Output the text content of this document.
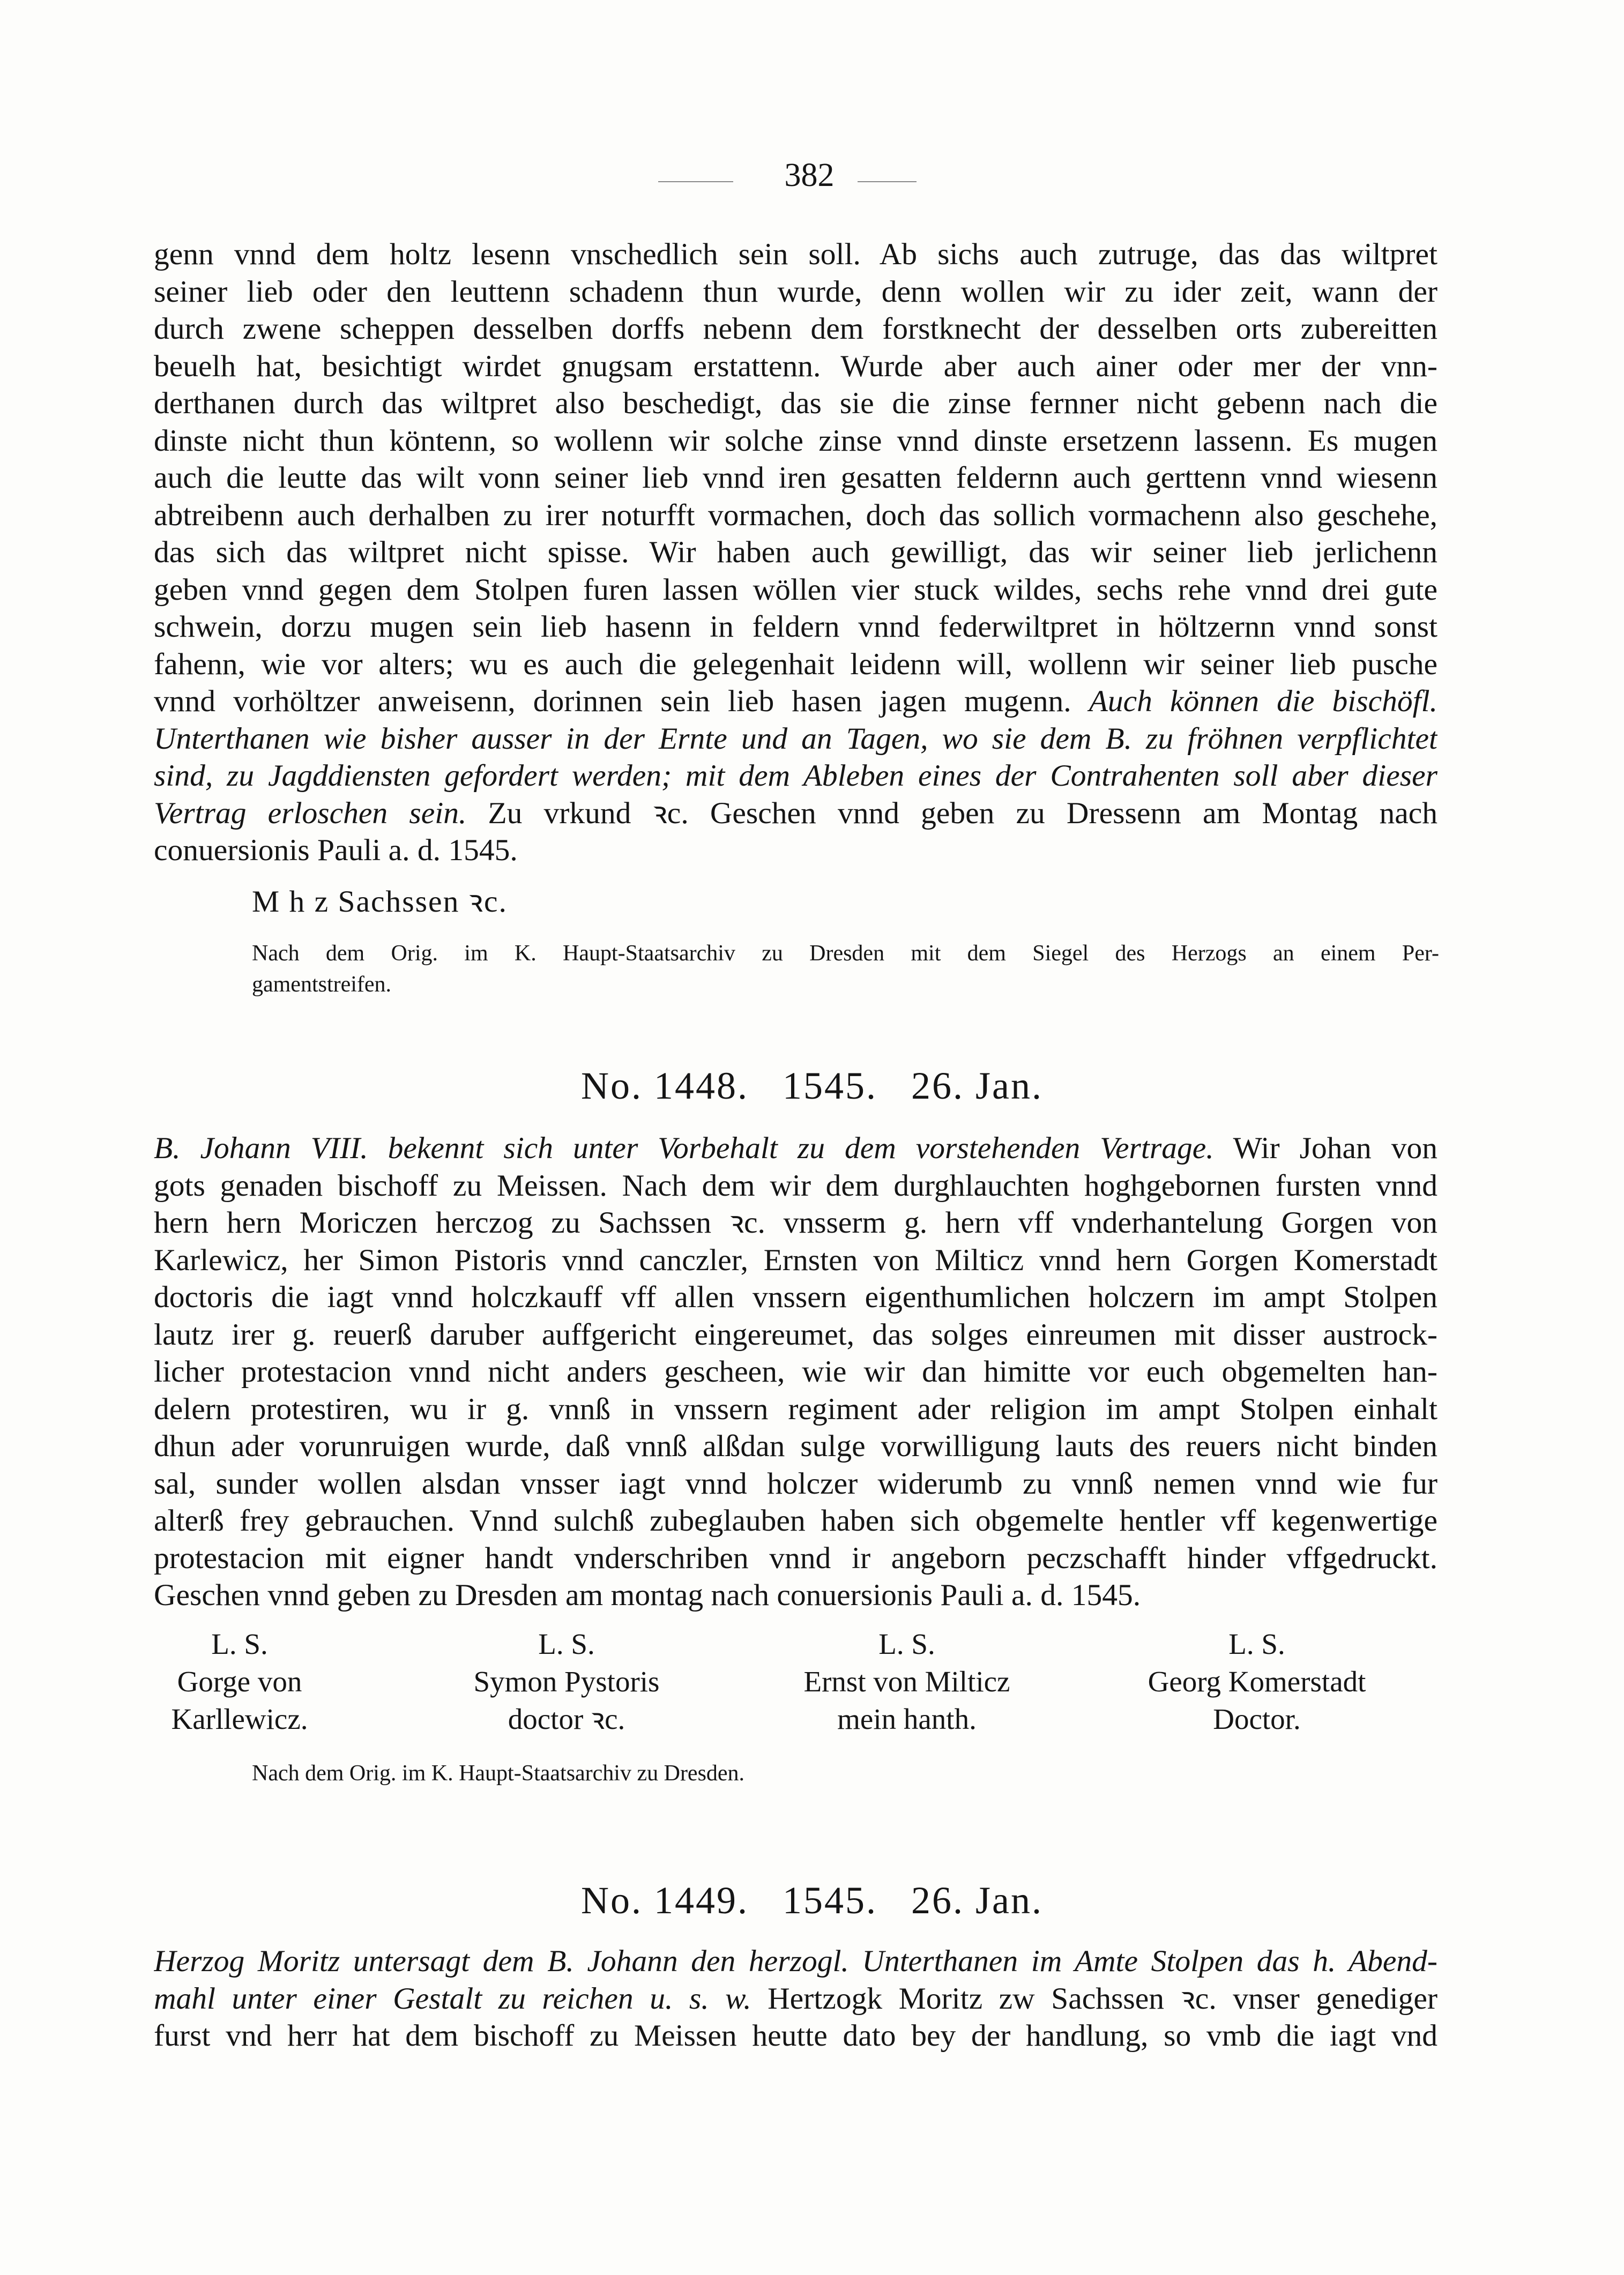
382
genn vnnd dem holtz lesenn vnschedlich sein soll. Ab sichs auch zutruge, das das wiltpret
seiner lieb oder den leuttenn schadenn thun wurde, denn wollen wir zu ider zeit, wann der
durch zwene scheppen desselben dorffs nebenn dem forstknecht der desselben orts zubereitten
beuelh hat, besichtigt wirdet gnugsam erstattenn. Wurde aber auch ainer oder mer der vnn-
derthanen durch das wiltpret also beschedigt, das sie die zinse fernner nicht gebenn nach die
dinste nicht thun köntenn, so wollenn wir solche zinse vnnd dinste ersetzenn lassenn. Es mugen
auch die leutte das wilt vonn seiner lieb vnnd iren gesatten feldernn auch gerttenn vnnd wiesenn
abtreibenn auch derhalben zu irer noturfft vormachen, doch das sollich vormachenn also geschehe,
das sich das wiltpret nicht spisse. Wir haben auch gewilligt, das wir seiner lieb jerlichenn
geben vnnd gegen dem Stolpen furen lassen wöllen vier stuck wildes, sechs rehe vnnd drei gute
schwein, dorzu mugen sein lieb hasenn in feldern vnnd federwiltpret in höltzernn vnnd sonst
fahenn, wie vor alters; wu es auch die gelegenhait leidenn will, wollenn wir seiner lieb pusche
vnnd vorhöltzer anweisenn, dorinnen sein lieb hasen jagen mugenn. Auch können die bischöfl.
Unterthanen wie bisher ausser in der Ernte und an Tagen, wo sie dem B. zu fröhnen verpflichtet
sind, zu Jagddiensten gefordert werden; mit dem Ableben eines der Contrahenten soll aber dieser
Vertrag erloschen sein. Zu vrkund ꝛc. Geschen vnnd geben zu Dressenn am Montag nach
conuersionis Pauli a. d. 1545.
M h z Sachssen ꝛc.
Nach dem Orig. im K. Haupt-Staatsarchiv zu Dresden mit dem Siegel des Herzogs an einem Per-
gamentstreifen.
No. 1448.   1545.   26. Jan.
B. Johann VIII. bekennt sich unter Vorbehalt zu dem vorstehenden Vertrage. Wir Johan von
gots genaden bischoff zu Meissen. Nach dem wir dem durghlauchten hoghgebornen fursten vnnd
hern hern Moriczen herczog zu Sachssen ꝛc. vnsserm g. hern vff vnderhantelung Gorgen von
Karlewicz, her Simon Pistoris vnnd canczler, Ernsten von Milticz vnnd hern Gorgen Komerstadt
doctoris die iagt vnnd holczkauff vff allen vnssern eigenthumlichen holczern im ampt Stolpen
lautz irer g. reuerß daruber auffgericht eingereumet, das solges einreumen mit disser austrock-
licher protestacion vnnd nicht anders gescheen, wie wir dan himitte vor euch obgemelten han-
delern protestiren, wu ir g. vnnß in vnssern regiment ader religion im ampt Stolpen einhalt
dhun ader vorunruigen wurde, daß vnnß alßdan sulge vorwilligung lauts des reuers nicht binden
sal, sunder wollen alsdan vnsser iagt vnnd holczer widerumb zu vnnß nemen vnnd wie fur
alterß frey gebrauchen. Vnnd sulchß zubeglauben haben sich obgemelte hentler vff kegenwertige
protestacion mit eigner handt vnderschriben vnnd ir angeborn peczschafft hinder vffgedruckt.
Geschen vnnd geben zu Dresden am montag nach conuersionis Pauli a. d. 1545.
L. S.
Gorge von
Karllewicz.
L. S.
Symon Pystoris
doctor ꝛc.
L. S.
Ernst von Milticz
mein hanth.
L. S.
Georg Komerstadt
Doctor.
Nach dem Orig. im K. Haupt-Staatsarchiv zu Dresden.
No. 1449.   1545.   26. Jan.
Herzog Moritz untersagt dem B. Johann den herzogl. Unterthanen im Amte Stolpen das h. Abend-
mahl unter einer Gestalt zu reichen u. s. w. Hertzogk Moritz zw Sachssen ꝛc. vnser genediger
furst vnd herr hat dem bischoff zu Meissen heutte dato bey der handlung, so vmb die iagt vnd
